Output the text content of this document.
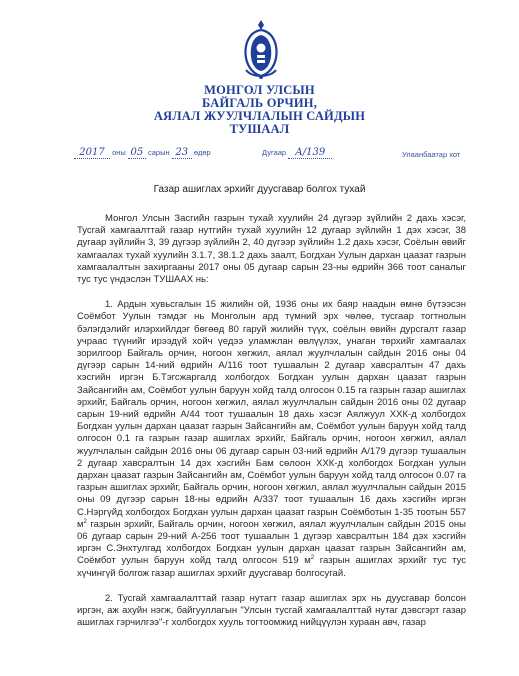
МОНГОЛ УЛСЫН
БАЙГАЛЬ ОРЧИН,
АЯЛАЛ ЖУУЛЧЛАЛЫН САЙДЫН
ТУШААЛ
2017 оны 05 сарын 23 өдөр	Дугаар А/139	Улаанбаатар хот
Газар ашиглах эрхийг дуусгавар болгох тухай

Монгол Улсын Засгийн газрын тухай хуулийн 24 дүгээр зүйлийн 2 дахь хэсэг, Тусгай хамгаалттай газар нутгийн тухай хуулийн 12 дугаар зүйлийн 1 дэх хэсэг, 38 дугаар зүйлийн 3, 39 дүгээр зүйлийн 2, 40 дүгээр зүйлийн 1.2 дахь хэсэг, Соёлын өвийг хамгаалах тухай хуулийн 3.1.7, 38.1.2 дахь заалт, Богдхан Уулын дархан цаазат газрын хамгаалалтын захиргааны 2017 оны 05 дугаар сарын 23-ны өдрийн 366 тоот саналыг тус тус үндэслэн ТУШААХ нь:

1. Ардын хувьсгалын 15 жилийн ой, 1936 оны их баяр наадын өмнө бүтээсэн Соёмбот Уулын тэмдэг нь Монголын ард түмний эрх чөлөө, тусгаар тогтнолын бэлэгдэлийг илэрхийлдэг бөгөөд 80 гаруй жилийн түүх, соёлын өвийн дурсгалт газар учраас түүнийг ирээдүй хойч үедээ уламжлан өвлүүлэх, унаган төрхийг хамгаалах зорилгоор Байгаль орчин, ногоон хөгжил, аялал жуулчлалын сайдын 2016 оны 04 дүгээр сарын 14-ний өдрийн А/116 тоот тушаалын 2 дугаар хавсралтын 47 дахь хэсгийн иргэн Б.Тэгсжаргалд холбогдох Богдхан уулын дархан цаазат газрын Зайсангийн ам, Соёмбот уулын баруун хойд талд олгосон 0.15 га газрын газар ашиглах эрхийг, Байгаль орчин, ногоон хөгжил, аялал жуулчлалын сайдын 2016 оны 02 дугаар сарын 19-ний өдрийн А/44 тоот тушаалын 18 дахь хэсэг Аялжуул ХХК-д холбогдох Богдхан уулын дархан цаазат газрын Зайсангийн ам, Соёмбот уулын баруун хойд талд олгосон 0.1 га газрын газар ашиглах эрхийг, Байгаль орчин, ногоон хөгжил, аялал жуулчлалын сайдын 2016 оны 06 дугаар сарын 03-ний өдрийн А/179 дүгээр тушаалын 2 дугаар хавсралтын 14 дэх хэсгийн Бам сөлоон ХХК-д холбогдох Богдхан уулын дархан цаазат газрын Зайсангийн ам, Соёмбот уулын баруун хойд талд олгосон 0.07 га газрын ашиглах эрхийг, Байгаль орчин, ногоон хөгжил, аялал жуулчлалын сайдын 2015 оны 09 дүгээр сарын 18-ны өдрийн А/337 тоот тушаалын 16 дахь хэсгийн иргэн С.Нэргүйд холбогдох Богдхан уулын дархан цаазат газрын Соёмботын 1-35 тоотын 557 $м^2$ газрын эрхийг, Байгаль орчин, ногоон хөгжил, аялал жуулчлалын сайдын 2015 оны 06 дугаар сарын 29-ний А-256 тоот тушаалын 1 дүгээр хавсралтын 184 дэх хэсгийн иргэн С.Энхтулгад холбогдох Богдхан уулын дархан цаазат газрын Зайсангийн ам, Соёмбот уулын баруун хойд талд олгосон 519 $м^2$ газрын ашиглах эрхийг тус тус хүчингүй болгож газар ашиглах эрхийг дуусгавар болгосугай.

2. Тусгай хамгаалалттай газар нутагт газар ашиглах эрх нь дуусгавар болсон иргэн, аж ахуйн нэгж, байгууллагын "Улсын тусгай хамгаалалттай нутаг дэвсгэрт газар ашиглах гэрчилгээ"-г холбогдох хууль тогтоомжид нийцүүлэн хураан авч, газар
